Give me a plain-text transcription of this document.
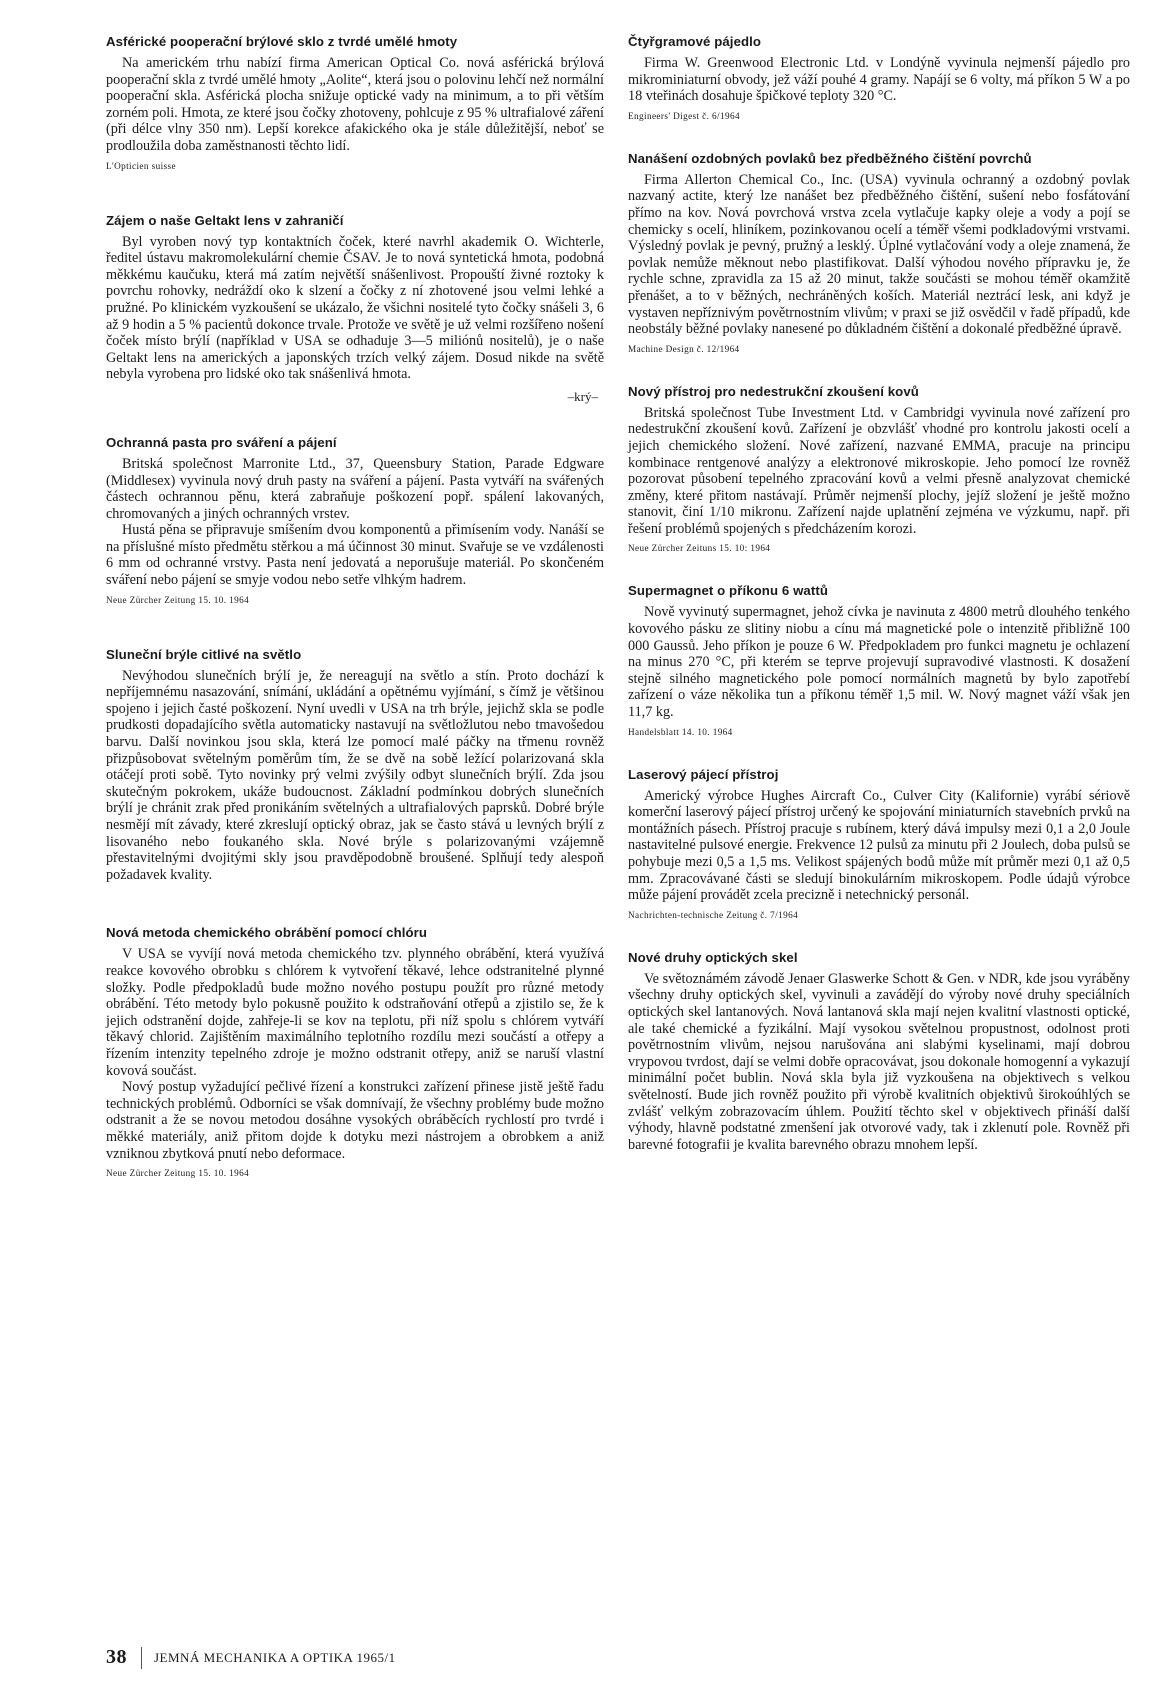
Asférické pooperační brýlové sklo z tvrdé umělé hmoty

Na americkém trhu nabízí firma American Optical Co. nová asférická brýlová pooperační skla z tvrdé umělé hmoty „Aolite“, která jsou o polovinu lehčí než normální pooperační skla. Asférická plocha snižuje optické vady na minimum, a to při větším zorném poli. Hmota, ze které jsou čočky zhotoveny, pohlcuje z 95 % ultrafialové záření (při délce vlny 350 nm). Lepší korekce afakického oka je stále důležitější, neboť se prodloužila doba zaměstnanosti těchto lidí.

L'Opticien suisse
Zájem o naše Geltakt lens v zahraničí

Byl vyroben nový typ kontaktních čoček, které navrhl akademik O. Wichterle, ředitel ústavu makromolekulární chemie ČSAV. Je to nová syntetická hmota, podobná měkkému kaučuku, která má zatím největší snášenlivost. Propouští živné roztoky k povrchu rohovky, nedráždí oko k slzení a čočky z ní zhotovené jsou velmi lehké a pružné. Po klinickém vyzkoušení se ukázalo, že všichni nositelé tyto čočky snášeli 3, 6 až 9 hodin a 5 % pacientů dokonce trvale. Protože ve světě je už velmi rozšířeno nošení čoček místo brýlí (například v USA se odhaduje 3—5 miliónů nositelů), je o naše Geltakt lens na amerických a japonských trzích velký zájem. Dosud nikde na světě nebyla vyrobena pro lidské oko tak snášenlivá hmota.

–krý–
Ochranná pasta pro sváření a pájení

Britská společnost Marronite Ltd., 37, Queensbury Station, Parade Edgware (Middlesex) vyvinula nový druh pasty na sváření a pájení. Pasta vytváří na svářených částech ochrannou pěnu, která zabraňuje poškození popř. spálení lakovaných, chromovaných a jiných ochranných vrstev.

Hustá pěna se připravuje smíšením dvou komponentů a přimísením vody. Nanáší se na příslušné místo předmětu stěrkou a má účinnost 30 minut. Svařuje se ve vzdálenosti 6 mm od ochranné vrstvy. Pasta není jedovatá a neporušuje materiál. Po skončeném sváření nebo pájení se smyje vodou nebo setře vlhkým hadrem.

Neue Zürcher Zeitung 15. 10. 1964
Sluneční brýle citlivé na světlo

Nevýhodou slunečních brýlí je, že nereagují na světlo a stín. Proto dochází k nepříjemnému nasazování, snímání, ukládání a opětnému vyjímání, s čímž je většinou spojeno i jejich časté poškození. Nyní uvedli v USA na trh brýle, jejichž skla se podle prudkosti dopadajícího světla automaticky nastavují na světložlutou nebo tmavošedou barvu. Další novinkou jsou skla, která lze pomocí malé páčky na třmenu rovněž přizpůsobovat světelným poměrům tím, že se dvě na sobě ležící polarizovaná skla otáčejí proti sobě. Tyto novinky prý velmi zvýšily odbyt slunečních brýlí. Zda jsou skutečným pokrokem, ukáže budoucnost. Základní podmínkou dobrých slunečních brýlí je chránit zrak před pronikáním světelných a ultrafialových paprsků. Dobré brýle nesmějí mít závady, které zkreslují optický obraz, jak se často stává u levných brýlí z lisovaného nebo foukaného skla. Nové brýle s polarizovanými vzájemně přestavitelnými dvojitými skly jsou pravděpodobně broušené. Splňují tedy alespoň požadavek kvality.

Nová metoda chemického obrábění pomocí chlóru

V USA se vyvíjí nová metoda chemického tzv. plynného obrábění, která využívá reakce kovového obrobku s chlórem k vytvoření těkavé, lehce odstranitelné plynné složky. Podle předpokladů bude možno nového postupu použít pro různé metody obrábění. Této metody bylo pokusně použito k odstraňování otřepů a zjistilo se, že k jejich odstranění dojde, zahřeje-li se kov na teplotu, při níž spolu s chlórem vytváří těkavý chlorid. Zajištěním maximálního teplotního rozdílu mezi součástí a otřepy a řízením intenzity tepelného zdroje je možno odstranit otřepy, aniž se naruší vlastní kovová součást.

Nový postup vyžadující pečlivé řízení a konstrukci zařízení přinese jistě ještě řadu technických problémů. Odborníci se však domnívají, že všechny problémy bude možno odstranit a že se novou metodou dosáhne vysokých obráběcích rychlostí pro tvrdé i měkké materiály, aniž přitom dojde k dotyku mezi nástrojem a obrobkem a aniž vzniknou zbytková pnutí nebo deformace.

Neue Zürcher Zeitung 15. 10. 1964
Čtyřgramové pájedlo

Firma W. Greenwood Electronic Ltd. v Londýně vyvinula nejmenší pájedlo pro mikrominiaturní obvody, jež váží pouhé 4 gramy. Napájí se 6 volty, má příkon 5 W a po 18 vteřinách dosahuje špičkové teploty 320 °C.

Engineers' Digest č. 6/1964
Nanášení ozdobných povlaků bez předběžného čištění povrchů

Firma Allerton Chemical Co., Inc. (USA) vyvinula ochranný a ozdobný povlak nazvaný actite, který lze nanášet bez předběžného čištění, sušení nebo fosfátování přímo na kov. Nová povrchová vrstva zcela vytlačuje kapky oleje a vody a pojí se chemicky s ocelí, hliníkem, pozinkovanou ocelí a téměř všemi podkladovými vrstvami. Výsledný povlak je pevný, pružný a lesklý. Úplné vytlačování vody a oleje znamená, že povlak nemůže měknout nebo plastifikovat. Další výhodou nového přípravku je, že rychle schne, zpravidla za 15 až 20 minut, takže součásti se mohou téměř okamžitě přenášet, a to v běžných, nechráněných koších. Materiál neztrácí lesk, ani když je vystaven nepříznivým povětrnostním vlivům; v praxi se již osvědčil v řadě případů, kde neobstály běžné povlaky nanesené po důkladném čištění a dokonalé předběžné úpravě.

Machine Design č. 12/1964
Nový přístroj pro nedestrukční zkoušení kovů

Britská společnost Tube Investment Ltd. v Cambridgi vyvinula nové zařízení pro nedestrukční zkoušení kovů. Zařízení je obzvlášť vhodné pro kontrolu jakosti ocelí a jejich chemického složení. Nové zařízení, nazvané EMMA, pracuje na principu kombinace rentgenové analýzy a elektronové mikroskopie. Jeho pomocí lze rovněž pozorovat působení tepelného zpracování kovů a velmi přesně analyzovat chemické změny, které přitom nastávají. Průměr nejmenší plochy, jejíž složení je ještě možno stanovit, činí 1/10 mikronu. Zařízení najde uplatnění zejména ve výzkumu, např. při řešení problémů spojených s předcházením korozi.

Neue Zürcher Zeituns 15. 10: 1964
Supermagnet o příkonu 6 wattů

Nově vyvinutý supermagnet, jehož cívka je navinuta z 4800 metrů dlouhého tenkého kovového pásku ze slitiny niobu a cínu má magnetické pole o intenzitě přibližně 100 000 Gaussů. Jeho příkon je pouze 6 W. Předpokladem pro funkci magnetu je ochlazení na minus 270 °C, při kterém se teprve projevují supravodivé vlastnosti. K dosažení stejně silného magnetického pole pomocí normálních magnetů by bylo zapotřebí zařízení o váze několika tun a příkonu téměř 1,5 mil. W. Nový magnet váží však jen 11,7 kg.

Handelsblatt 14. 10. 1964
Laserový pájecí přístroj

Americký výrobce Hughes Aircraft Co., Culver City (Kalifornie) vyrábí sériově komerční laserový pájecí přístroj určený ke spojování miniaturních stavebních prvků na montážních pásech. Přístroj pracuje s rubínem, který dává impulsy mezi 0,1 a 2,0 Joule nastavitelné pulsové energie. Frekvence 12 pulsů za minutu při 2 Joulech, doba pulsů se pohybuje mezi 0,5 a 1,5 ms. Velikost spájených bodů může mít průměr mezi 0,1 až 0,5 mm. Zpracovávané části se sledují binokulárním mikroskopem. Podle údajů výrobce může pájení provádět zcela precizně i netechnický personál.

Nachrichten-technische Zeitung č. 7/1964
Nové druhy optických skel

Ve světoznámém závodě Jenaer Glaswerke Schott & Gen. v NDR, kde jsou vyráběny všechny druhy optických skel, vyvinuli a zavádějí do výroby nové druhy speciálních optických skel lantanových. Nová lantanová skla mají nejen kvalitní vlastnosti optické, ale také chemické a fyzikální. Mají vysokou světelnou propustnost, odolnost proti povětrnostním vlivům, nejsou narušována ani slabými kyselinami, mají dobrou vrypovou tvrdost, dají se velmi dobře opracovávat, jsou dokonale homogenní a vykazují minimální počet bublin. Nová skla byla již vyzkoušena na objektivech s velkou světelností. Bude jich rovněž použito při výrobě kvalitních objektivů širokoúhlých se zvlášť velkým zobrazovacím úhlem. Použití těchto skel v objektivech přináší další výhody, hlavně podstatné zmenšení jak otvorové vady, tak i zklenutí pole. Rovněž při barevné fotografii je kvalita barevného obrazu mnohem lepší.

38 JEMNÁ MECHANIKA A OPTIKA 1965/1
